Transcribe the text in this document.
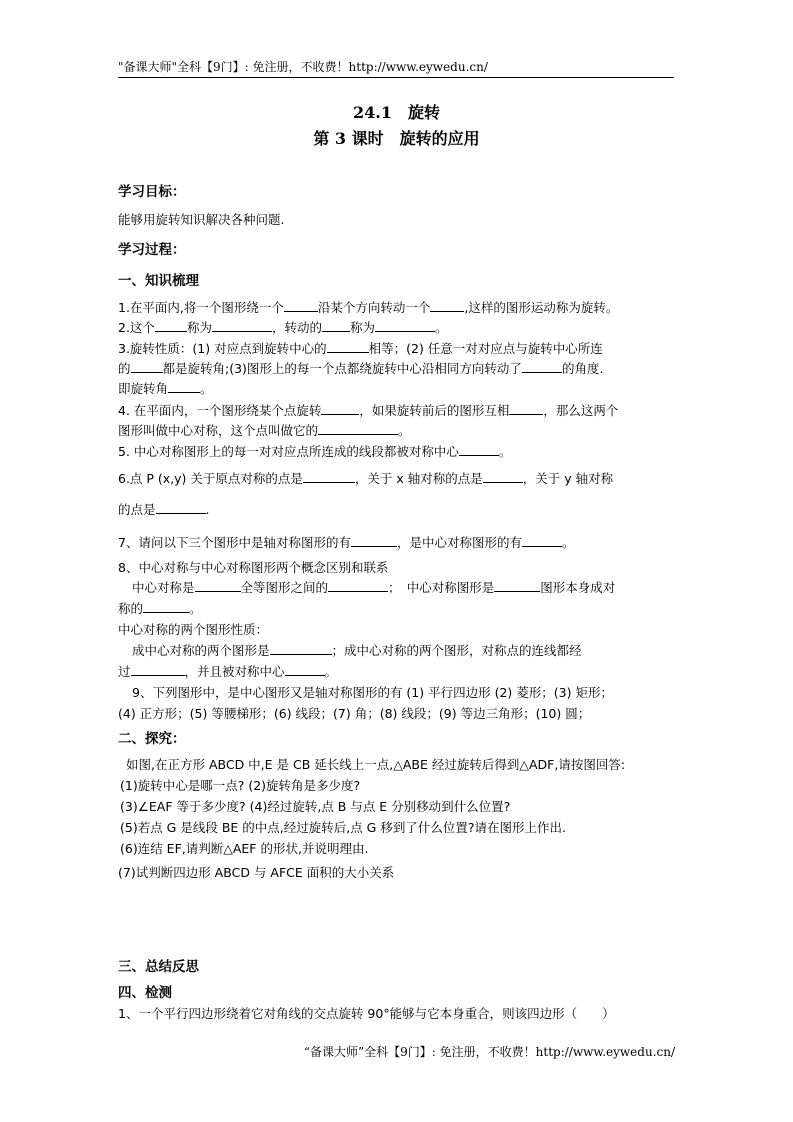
"备课大师"全科【9门】: 免注册，不收费！http://www.eywedu.cn/
24.1　旋转
第 3 课时　旋转的应用
学习目标：
能够用旋转知识解决各种问题.
学习过程：
一、知识梳理
1.在平面内,将一个图形绕一个	沿某个方向转动一个	,这样的图形运动称为旋转。
2.这个	称为	，转动的 称为	。
3.旋转性质：(1) 对应点到旋转中心的	相等；(2) 任意一对对应点与旋转中心所连
的	都是旋转角;(3)图形上的每一个点都绕旋转中心沿相同方向转动了	的角度.
即旋转角	。
4. 在平面内，一个图形绕某个点旋转	，如果旋转前后的图形互相	，那么这两个
图形叫做中心对称，这个点叫做它的	。
5. 中心对称图形上的每一对对应点所连成的线段都被对称中心	。
6.点 P (x,y) 关于原点对称的点是	，关于 x 轴对称的点是	，关于 y 轴对称
的点是	.
7、请问以下三个图形中是轴对称图形的有	，是中心对称图形的有	。
8、中心对称与中心对称图形两个概念区别和联系
中心对称是	全等图形之间的	；　中心对称图形是	图形本身成对
称的	。
中心对称的两个图形性质：
成中心对称的两个图形是	；成中心对称的两个图形，对称点的连线都经
过	，并且被对称中心	。
9、下列图形中，是中心图形又是轴对称图形的有 (1) 平行四边形 (2) 菱形；(3) 矩形；
(4) 正方形；(5) 等腰梯形；(6) 线段；(7) 角；(8) 线段；(9) 等边三角形；(10) 圆；
二、探究：
如图,在正方形 ABCD 中,E 是 CB 延长线上一点,△ABE 经过旋转后得到△ADF,请按图回答:
(1)旋转中心是哪一点? (2)旋转角是多少度?
(3)∠EAF 等于多少度? (4)经过旋转,点 B 与点 E 分别移动到什么位置?
(5)若点 G 是线段 BE 的中点,经过旋转后,点 G 移到了什么位置?请在图形上作出.
(6)连结 EF,请判断△AEF 的形状,并说明理由.
(7)试判断四边形 ABCD 与 AFCE 面积的大小关系
三、总结反思
四、检测
1、一个平行四边形绕着它对角线的交点旋转 90°能够与它本身重合，则该四边形（　　）
“备课大师”全科【9门】: 免注册，不收费！http://www.eywedu.cn/
